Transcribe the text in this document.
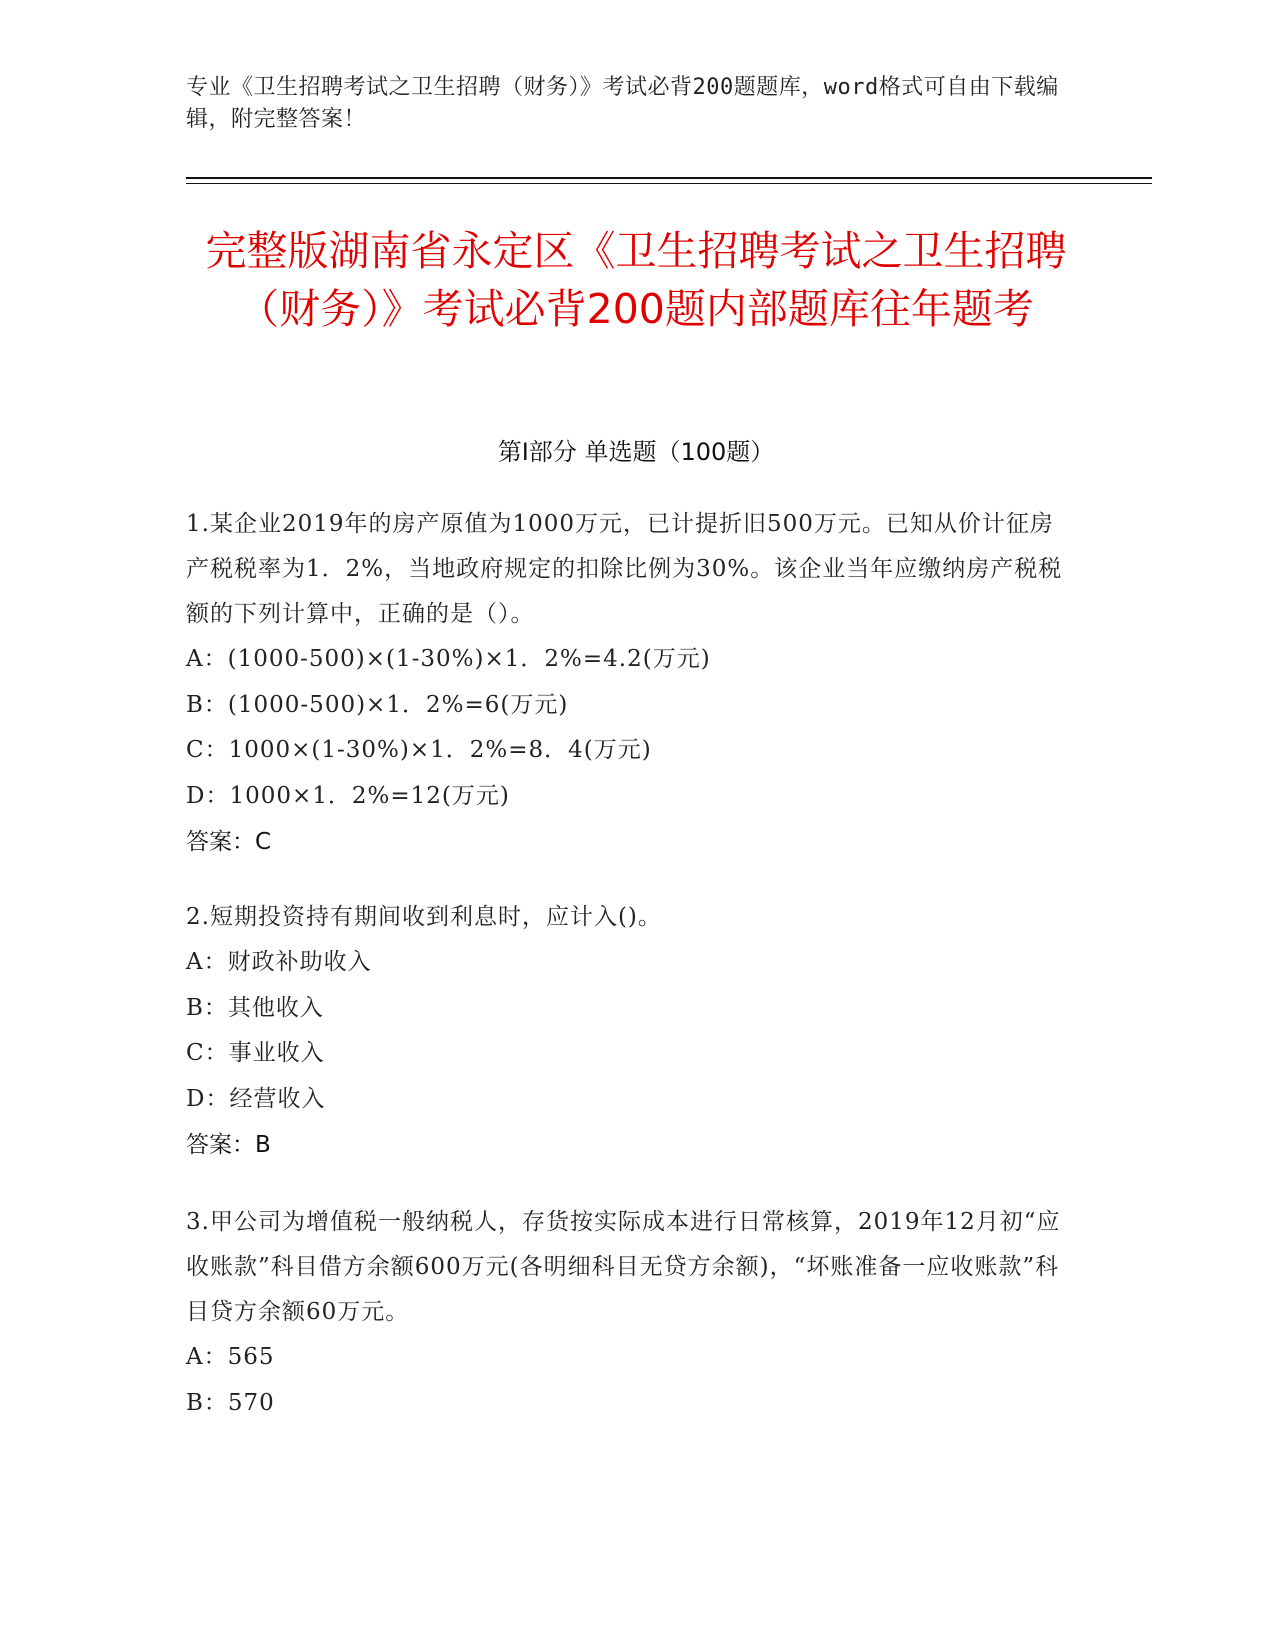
专业《卫生招聘考试之卫生招聘（财务）》考试必背200题题库，word格式可自由下载编辑，附完整答案！
完整版湖南省永定区《卫生招聘考试之卫生招聘（财务）》考试必背200题内部题库往年题考
第Ⅰ部分 单选题（100题）
1.某企业2019年的房产原值为1000万元，已计提折旧500万元。已知从价计征房产税税率为1．2%，当地政府规定的扣除比例为30%。该企业当年应缴纳房产税税额的下列计算中，正确的是（）。
A：(1000-500)×(1-30%)×1．2%=4.2(万元)
B：(1000-500)×1．2%=6(万元)
C：1000×(1-30%)×1．2%=8．4(万元)
D：1000×1．2%=12(万元)
答案：C
2.短期投资持有期间收到利息时，应计入()。
A：财政补助收入
B：其他收入
C：事业收入
D：经营收入
答案：B
3.甲公司为增值税一般纳税人，存货按实际成本进行日常核算，2019年12月初“应收账款”科目借方余额600万元(各明细科目无贷方余额)，“坏账准备一应收账款”科目贷方余额60万元。
A：565
B：570
